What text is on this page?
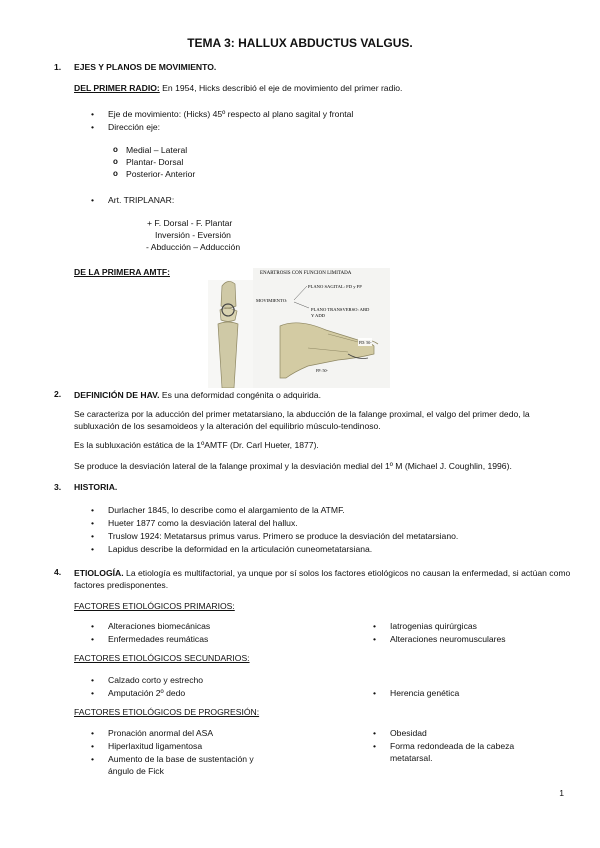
TEMA 3: HALLUX ABDUCTUS VALGUS.
1. EJES Y PLANOS DE MOVIMIENTO.
DEL PRIMER RADIO: En 1954, Hicks describió el eje de movimiento del primer radio.
• Eje de movimiento: (Hicks) 45º respecto al plano sagital y frontal
• Dirección eje:
o Medial – Lateral
o Plantar- Dorsal
o Posterior- Anterior
• Art. TRIPLANAR:
+ F. Dorsal - F. Plantar
Inversión - Eversión
- Abducción – Adducción
DE LA PRIMERA AMTF:	ENARTROSIS CON FUNCION LIMITADA
PLANO SAGITAL: FD y FP
MOVIMIENTO:
PLANO TRANSVERSO: ABD
Y ADD
FD: 50-
FP: 50-
2. DEFINICIÓN DE HAV. Es una deformidad congénita o adquirida.
Se caracteriza por la aducción del primer metatarsiano, la abducción de la falange proximal, el valgo del primer dedo, la subluxación de los sesamoideos y la alteración del equilibrio músculo-tendinoso.
Es la subluxación estática de la 1ºAMTF (Dr. Carl Hueter, 1877).
Se produce la desviación lateral de la falange proximal y la desviación medial del 1º M (Michael J. Coughlin, 1996).
3. HISTORIA.
• Durlacher 1845, lo describe como el alargamiento de la ATMF.
• Hueter 1877 como la desviación lateral del hallux.
• Truslow 1924: Metatarsus primus varus. Primero se produce la desviación del metatarsiano.
• Lapidus describe la deformidad en la articulación cuneometatarsiana.
4. ETIOLOGÍA. La etiología es multifactorial, ya unque por sí solos los factores etiológicos no causan la enfermedad, si actúan como factores predisponentes.
FACTORES ETIOLÓGICOS PRIMARIOS:
• Alteraciones biomecánicas
• Enfermedades reumáticas
• Iatrogenias quirúrgicas
• Alteraciones neuromusculares
FACTORES ETIOLÓGICOS SECUNDARIOS:
• Calzado corto y estrecho
• Amputación 2º dedo
•	Herencia genética
FACTORES ETIOLÓGICOS DE PROGRESIÓN:
• Pronación anormal del ASA
• Hiperlaxitud ligamentosa
• Aumento de la base de sustentación y
ángulo de Fick
• Obesidad
• Forma redondeada de la cabeza
metatarsal.
1
